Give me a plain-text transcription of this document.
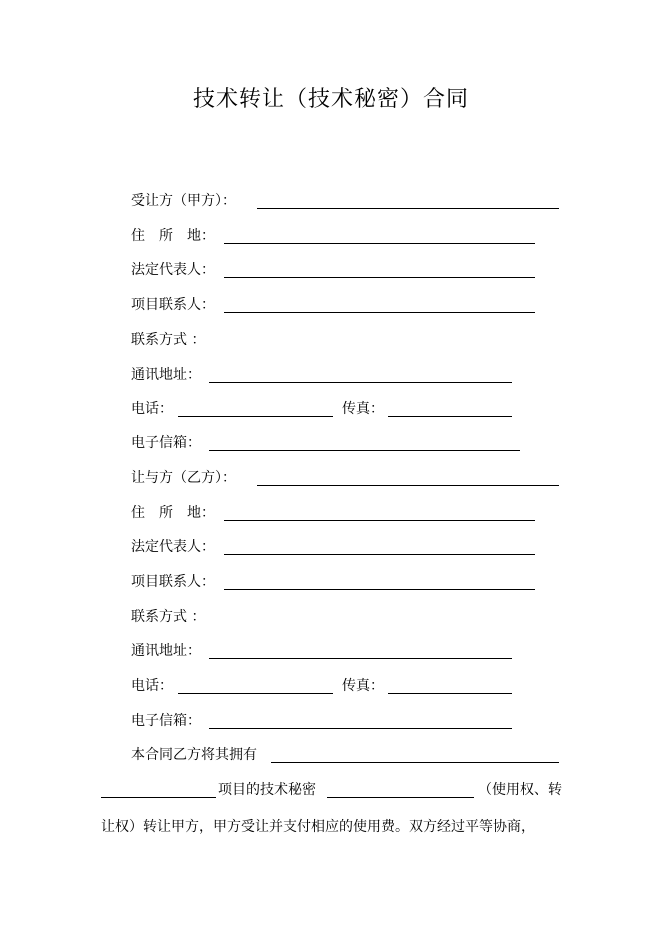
技术转让（技术秘密）合同
受让方（甲方）：
住　所　地：
法定代表人：
项目联系人：
联系方式 ：
通讯地址：
电话：	传真：
电子信箱：
让与方（乙方）：
住　所　地：
法定代表人：
项目联系人：
联系方式 ：
通讯地址：
电话：	传真：
电子信箱：
本合同乙方将其拥有
项目的技术秘密	（使用权、转
让权）转让甲方，甲方受让并支付相应的使用费。双方经过平等协商，
